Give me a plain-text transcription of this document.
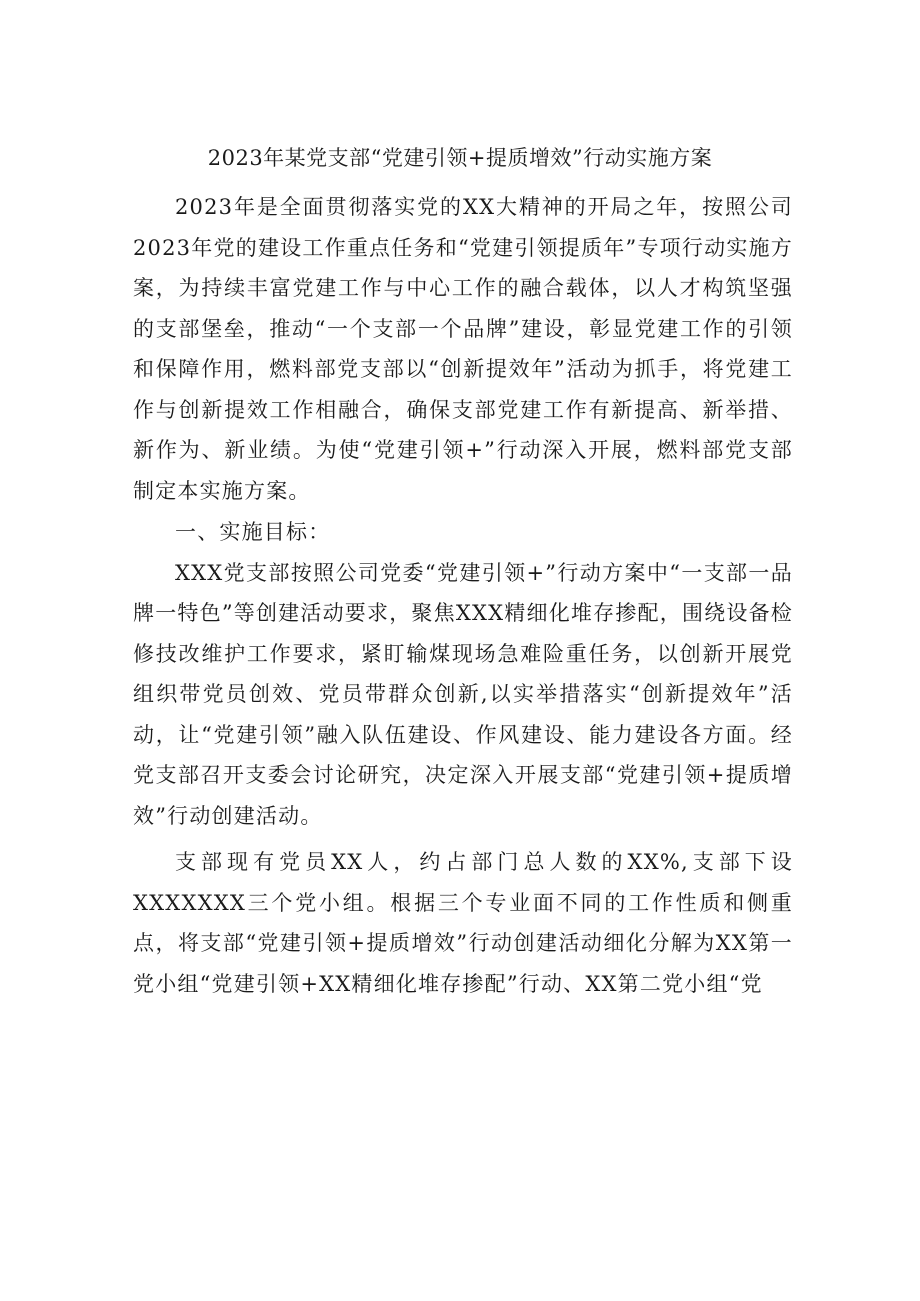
2023年某党支部“党建引领+提质增效”行动实施方案

2023年是全面贯彻落实党的XX大精神的开局之年，按照公司2023年党的建设工作重点任务和“党建引领提质年”专项行动实施方案，为持续丰富党建工作与中心工作的融合载体，以人才构筑坚强的支部堡垒，推动“一个支部一个品牌”建设，彰显党建工作的引领和保障作用，燃料部党支部以“创新提效年”活动为抓手，将党建工作与创新提效工作相融合，确保支部党建工作有新提高、新举措、新作为、新业绩。为使“党建引领+”行动深入开展，燃料部党支部制定本实施方案。

一、实施目标：

XXX党支部按照公司党委“党建引领+”行动方案中“一支部一品牌一特色”等创建活动要求，聚焦XXX精细化堆存掺配，围绕设备检修技改维护工作要求，紧盯输煤现场急难险重任务，以创新开展党组织带党员创效、党员带群众创新,以实举措落实“创新提效年”活动，让“党建引领”融入队伍建设、作风建设、能力建设各方面。经党支部召开支委会讨论研究，决定深入开展支部“党建引领+提质增效”行动创建活动。

支部现有党员XX人，约占部门总人数的XX%,支部下设XXXXXXX三个党小组。根据三个专业面不同的工作性质和侧重点，将支部“党建引领+提质增效”行动创建活动细化分解为XX第一党小组“党建引领+XX精细化堆存掺配”行动、XX第二党小组“党
